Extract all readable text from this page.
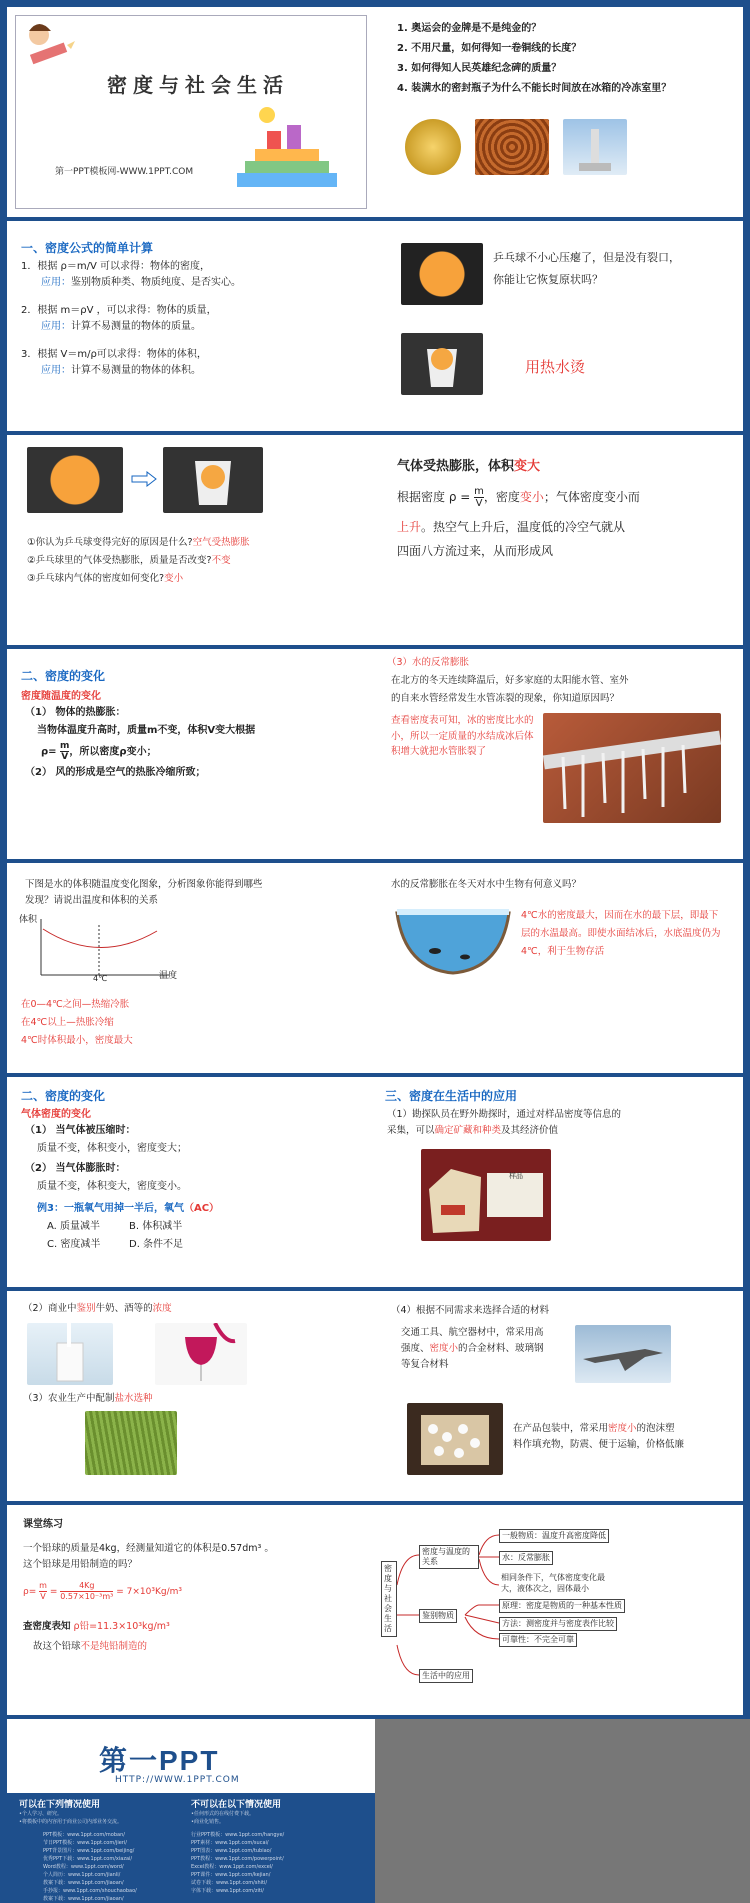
密度与社会生活
第一PPT模板网-WWW.1PPT.COM
1. 奥运会的金牌是不是纯金的？
2. 不用尺量，如何得知一卷铜线的长度？
3. 如何得知人民英雄纪念碑的质量？
4. 装满水的密封瓶子为什么不能长时间放在冰箱的冷冻室里？
一、密度公式的简单计算
1．根据 ρ＝m/V 可以求得：物体的密度，
应用：鉴别物质种类、物质纯度、是否实心。
2．根据 m＝ρV ，可以求得：物体的质量，
应用：计算不易测量的物体的质量。
3．根据 V＝m/ρ可以求得：物体的体积，
应用：计算不易测量的物体的体积。
乒乓球不小心压瘪了，但是没有裂口，你能让它恢复原状吗？
用热水烫
①你认为乒乓球变得完好的原因是什么?空气受热膨胀
②乒乓球里的气体受热膨胀，质量是否改变?不变
③乒乓球内气体的密度如何变化?变小
气体受热膨胀，体积变大
根据密度 $\rho = \frac{m}{V}$ ，密度变小；气体密度变小而
上升。热空气上升后，温度低的冷空气就从
四面八方流过来，从而形成风
二、密度的变化
密度随温度的变化
（1） 物体的热膨胀：
当物体温度升高时，质量m不变，体积V变大根据
$\rho= \frac{m}{V}$ ，所以密度ρ变小；
（2） 风的形成是空气的热胀冷缩所致；
（3）水的反常膨胀
在北方的冬天连续降温后，好多家庭的太阳能水管、室外
的自来水管经常发生水管冻裂的现象，你知道原因吗？
查看密度表可知，冰的密度比水的小，所以一定质量的水结成冰后体积增大就把水管胀裂了
下图是水的体积随温度变化图象，分析图象你能得到哪些
发现？请说出温度和体积的关系
体积
温度
4℃
在0—4℃之间—热缩冷胀
在4℃以上—热胀冷缩
4℃时体积最小，密度最大
水的反常膨胀在冬天对水中生物有何意义吗？
4℃水的密度最大，因而在水的最下层，即最下层的水温最高。即使水面结冰后，水底温度仍为4℃，利于生物存活
二、密度的变化
气体密度的变化
（1） 当气体被压缩时：
质量不变，体积变小，密度变大；
（2） 当气体膨胀时：
质量不变，体积变大，密度变小。
例3：一瓶氧气用掉一半后，氧气（AC）
A. 质量减半	B. 体积减半
C. 密度减半	D. 条件不足
三、密度在生活中的应用
（1）勘探队员在野外勘探时，通过对样品密度等信息的
采集，可以确定矿藏和种类及其经济价值
样品
（2）商业中鉴别牛奶、酒等的浓度
（3）农业生产中配制盐水选种
（4）根据不同需求来选择合适的材料
交通工具、航空器材中，常采用高
强度、密度小的合金材料、玻璃钢
等复合材料
在产品包装中，常采用密度小的泡沫塑
料作填充物，防震、便于运输，价格低廉
课堂练习
一个铅球的质量是4kg，经测量知道它的体积是0.57dm³ 。
这个铅球是用铅制造的吗？
$\rho= \frac{m}{V} = \frac{4Kg}{\text{0.57×10⁻³m³}} = 7\times 10^3Kg/m^3$
查密度表知 ρ铅=11.3×10³kg/m³
故这个铅球不是纯铅制造的
密度与社会生活
密度与温度的关系
一般物质：温度升高密度降低
水：反常膨胀
相同条件下，气体密度变化最大，液体次之，固体最小
鉴别物质
原理：密度是物质的一种基本性质
方法：测密度并与密度表作比较
可靠性：不完全可靠
生活中的应用
第一PPT
HTTP://WWW.1PPT.COM
可以在下列情况使用
•个人学习、研究。
•将模板中的内容用于商业公司内部业务交流。
不可以在以下情况使用
•任何形式的在线付费下载。
•商业化销售。
PPT模板：www.1ppt.com/moban/
节日PPT模板：www.1ppt.com/jieri/
PPT背景图片：www.1ppt.com/beijing/
优秀PPT下载：www.1ppt.com/xiazai/
Word教程：www.1ppt.com/word/
个人简历：www.1ppt.com/jianli/
教案下载：www.1ppt.com/jiaoan/
手抄报：www.1ppt.com/shouchaobao/
教案下载：www.1ppt.com/jiaoan/
行业PPT模板：www.1ppt.com/hangye/
PPT素材：www.1ppt.com/sucai/
PPT图表：www.1ppt.com/tubiao/
PPT教程：www.1ppt.com/powerpoint/
Excel教程：www.1ppt.com/excel/
PPT课件：www.1ppt.com/kejian/
试卷下载：www.1ppt.com/shiti/
字体下载：www.1ppt.com/ziti/
